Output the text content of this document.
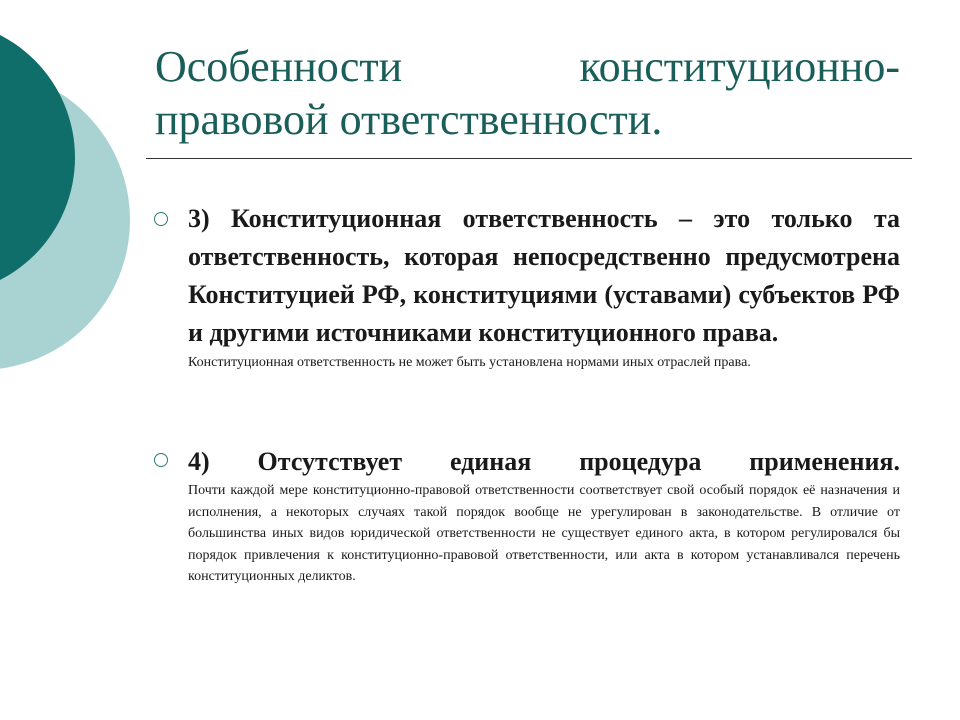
Особенности конституционно-правовой ответственности.

3) Конституционная ответственность – это только та ответственность, которая непосредственно предусмотрена Конституцией РФ, конституциями (уставами) субъектов РФ и другими источниками конституционного права.

Конституционная ответственность не может быть установлена нормами иных отраслей права.

4) Отсутствует единая процедура применения.

Почти каждой мере конституционно-правовой ответственности соответствует свой особый порядок её назначения и исполнения, а некоторых случаях такой порядок вообще не урегулирован в законодательстве. В отличие от большинства иных видов юридической ответственности не существует единого акта, в котором регулировался бы порядок привлечения к конституционно-правовой ответственности, или акта в котором устанавливался перечень конституционных деликтов.
